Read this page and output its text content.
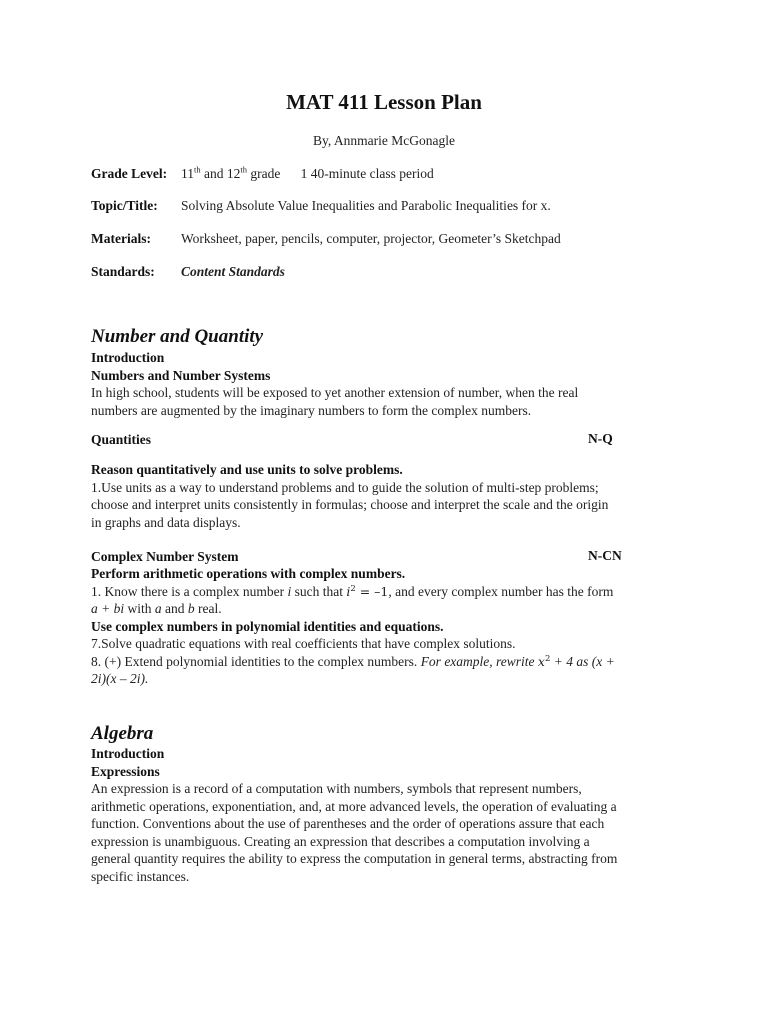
MAT 411 Lesson Plan
By, Annmarie McGonagle
Grade Level: 11th and 12th grade      1 40-minute class period
Topic/Title: Solving Absolute Value Inequalities and Parabolic Inequalities for x.
Materials: Worksheet, paper, pencils, computer, projector, Geometer’s Sketchpad
Standards: Content Standards
Number and Quantity
Introduction
Numbers and Number Systems
In high school, students will be exposed to yet another extension of number, when the real
numbers are augmented by the imaginary numbers to form the complex numbers.
Quantities	N-Q
Reason quantitatively and use units to solve problems.
1.Use units as a way to understand problems and to guide the solution of multi-step problems;
choose and interpret units consistently in formulas; choose and interpret the scale and the origin
in graphs and data displays.
Complex Number System	N-CN
Perform arithmetic operations with complex numbers.
1. Know there is a complex number i such that $i^2 = -1$, and every complex number has the form
a + bi with a and b real.
Use complex numbers in polynomial identities and equations.
7.Solve quadratic equations with real coefficients that have complex solutions.
8. (+) Extend polynomial identities to the complex numbers. For example, rewrite $x^2 + 4$ as (x +
2i)(x – 2i).
Algebra
Introduction
Expressions
An expression is a record of a computation with numbers, symbols that represent numbers,
arithmetic operations, exponentiation, and, at more advanced levels, the operation of evaluating a
function. Conventions about the use of parentheses and the order of operations assure that each
expression is unambiguous. Creating an expression that describes a computation involving a
general quantity requires the ability to express the computation in general terms, abstracting from
specific instances.
